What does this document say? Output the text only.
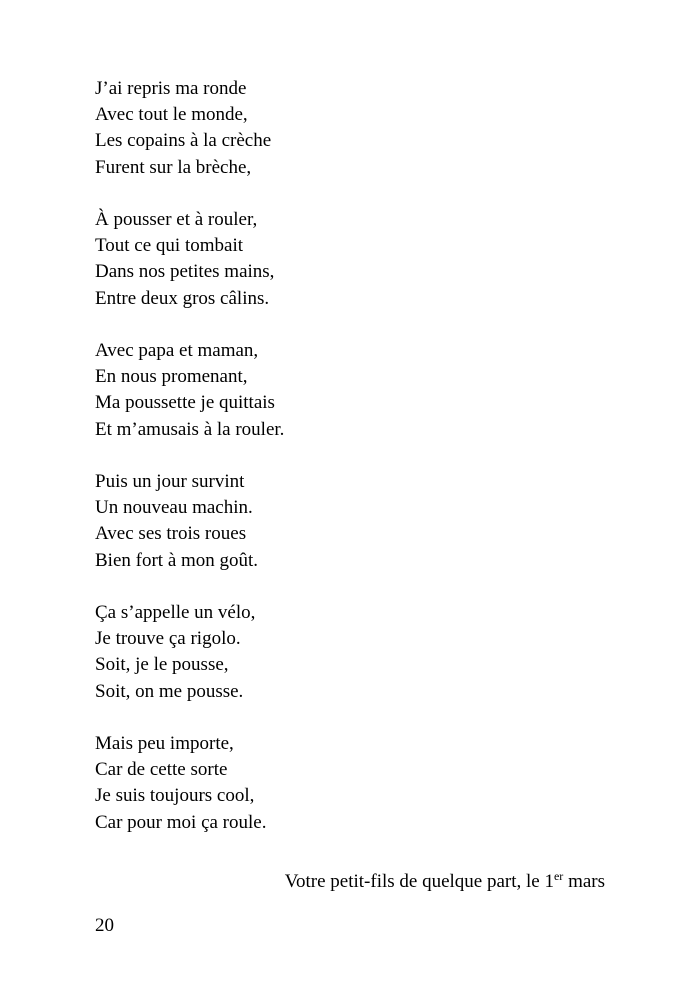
J’ai repris ma ronde
Avec tout le monde,
Les copains à la crèche
Furent sur la brèche,
À pousser et à rouler,
Tout ce qui tombait
Dans nos petites mains,
Entre deux gros câlins.
Avec papa et maman,
En nous promenant,
Ma poussette je quittais
Et m’amusais à la rouler.
Puis un jour survint
Un nouveau machin.
Avec ses trois roues
Bien fort à mon goût.
Ça s’appelle un vélo,
Je trouve ça rigolo.
Soit, je le pousse,
Soit, on me pousse.
Mais peu importe,
Car de cette sorte
Je suis toujours cool,
Car pour moi ça roule.
Votre petit-fils de quelque part, le 1er mars
20
